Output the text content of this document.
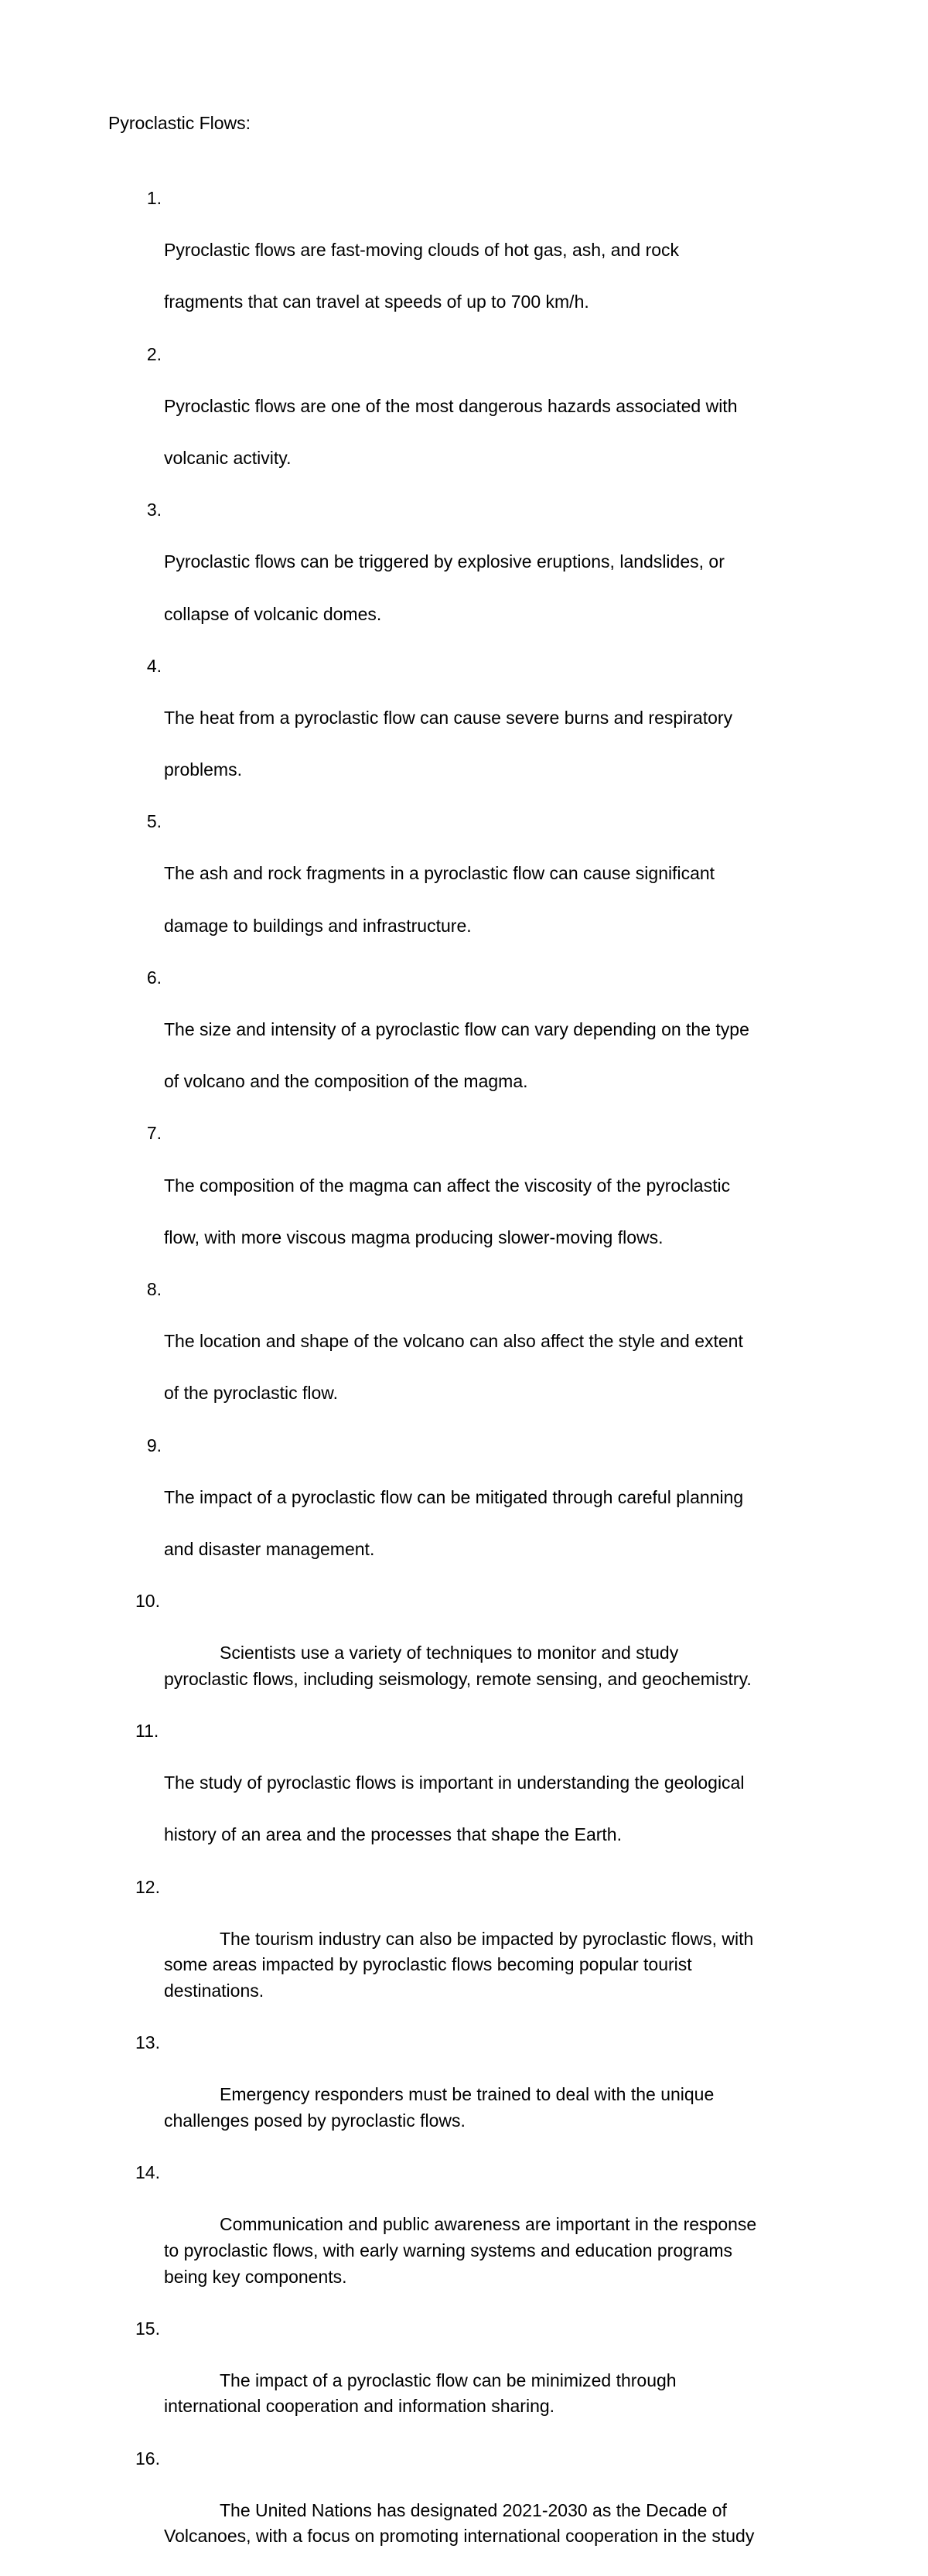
Pyroclastic Flows:

1.

Pyroclastic flows are fast-moving clouds of hot gas, ash, and rock

fragments that can travel at speeds of up to 700 km/h.

2.

Pyroclastic flows are one of the most dangerous hazards associated with

volcanic activity.

3.

Pyroclastic flows can be triggered by explosive eruptions, landslides, or

collapse of volcanic domes.

4.

The heat from a pyroclastic flow can cause severe burns and respiratory

problems.

5.

The ash and rock fragments in a pyroclastic flow can cause significant

damage to buildings and infrastructure.

6.

The size and intensity of a pyroclastic flow can vary depending on the type

of volcano and the composition of the magma.

7.

The composition of the magma can affect the viscosity of the pyroclastic

flow, with more viscous magma producing slower-moving flows.

8.

The location and shape of the volcano can also affect the style and extent

of the pyroclastic flow.

9.

The impact of a pyroclastic flow can be mitigated through careful planning

and disaster management.

10.

Scientists use a variety of techniques to monitor and study

pyroclastic flows, including seismology, remote sensing, and geochemistry.

11.

The study of pyroclastic flows is important in understanding the geological

history of an area and the processes that shape the Earth.

12.

The tourism industry can also be impacted by pyroclastic flows, with

some areas impacted by pyroclastic flows becoming popular tourist
destinations.

13.

Emergency responders must be trained to deal with the unique

challenges posed by pyroclastic flows.

14.

Communication and public awareness are important in the response

to pyroclastic flows, with early warning systems and education programs
being key components.

15.

The impact of a pyroclastic flow can be minimized through

international cooperation and information sharing.

16.

The United Nations has designated 2021-2030 as the Decade of

Volcanoes, with a focus on promoting international cooperation in the study
